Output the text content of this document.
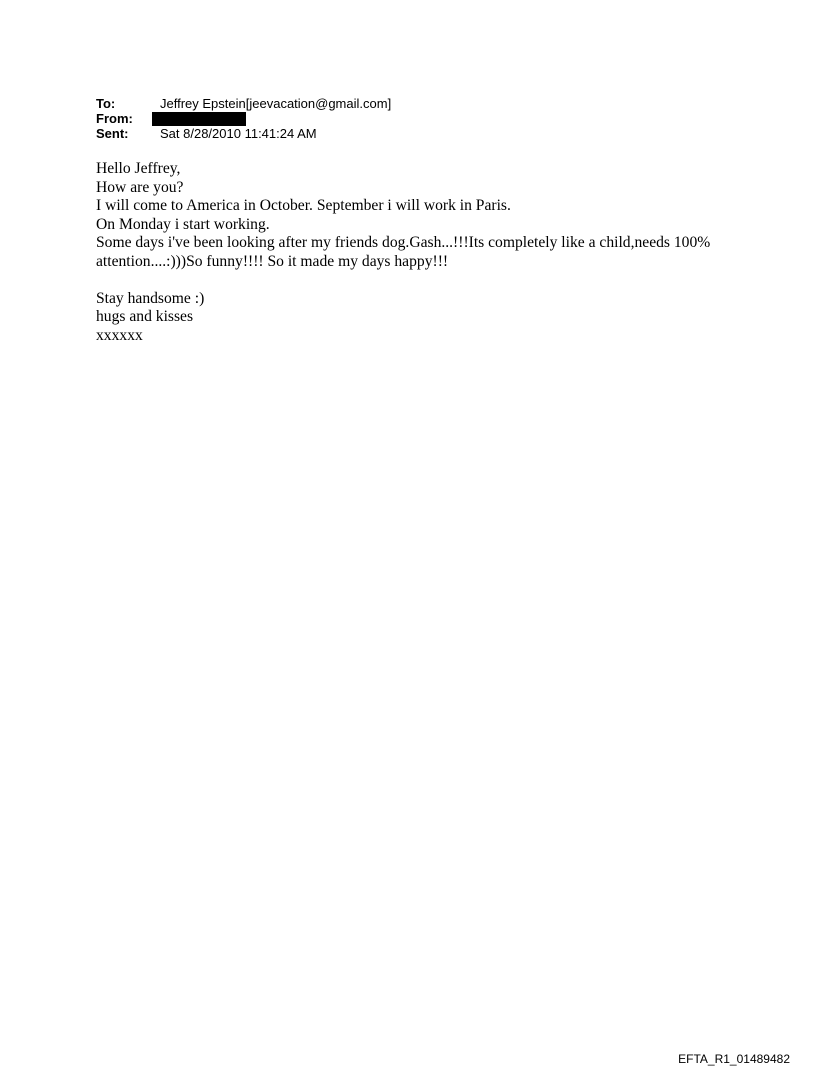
To:	Jeffrey Epstein[jeevacation@gmail.com]
From:
Sent:	Sat 8/28/2010 11:41:24 AM

Hello Jeffrey,

How are you?

I will come to America in October. September i will work in Paris.

On Monday i start working.

Some days i've been looking after my friends dog.Gash...!!!Its completely like a child,needs 100% attention....:)))So funny!!!! So it made my days happy!!!

Stay handsome :)

hugs and kisses

xxxxxx

EFTA_R1_01489482
